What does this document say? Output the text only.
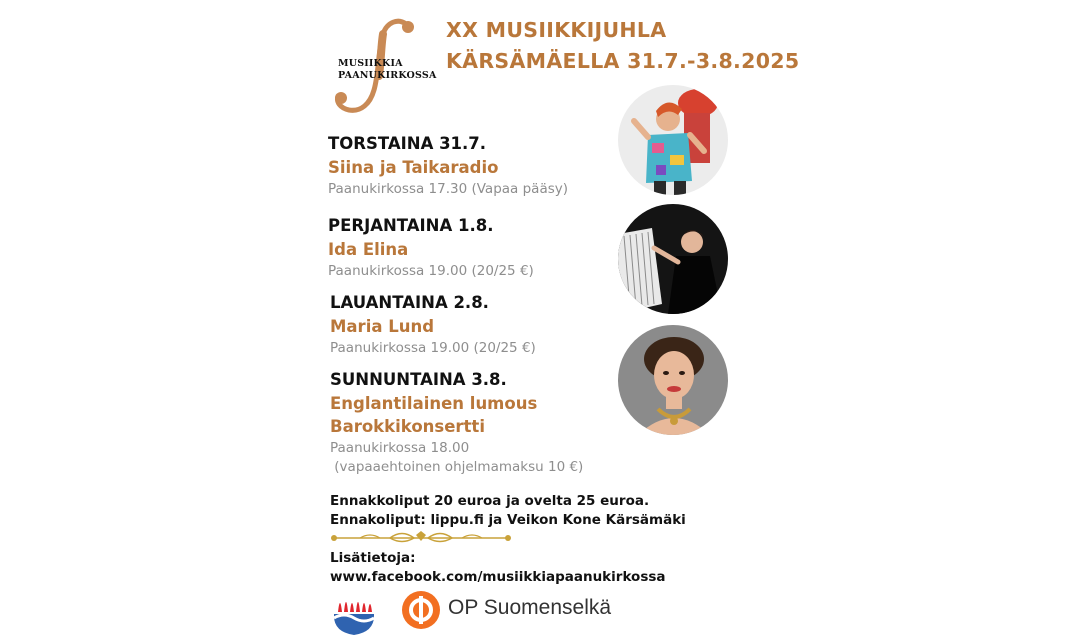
MUSIIKKIA
PAANUKIRKOSSA
XX MUSIIKKIJUHLA
KÄRSÄMÄELLA 31.7.-3.8.2025
TORSTAINA 31.7.
Siina ja Taikaradio
Paanukirkossa 17.30 (Vapaa pääsy)
PERJANTAINA 1.8.
Ida Elina
Paanukirkossa 19.00 (20/25 €)
LAUANTAINA 2.8.
Maria Lund
Paanukirkossa 19.00 (20/25 €)
SUNNUNTAINA 3.8.
Englantilainen lumous
Barokkikonsertti
Paanukirkossa 18.00
(vapaaehtoinen ohjelmamaksu 10 €)
Ennakkoliput 20 euroa ja ovelta 25 euroa.
Ennakoliput: lippu.fi ja Veikon Kone Kärsämäki
Lisätietoja:
www.facebook.com/musiikkiapaanukirkossa
OP Suomenselkä
